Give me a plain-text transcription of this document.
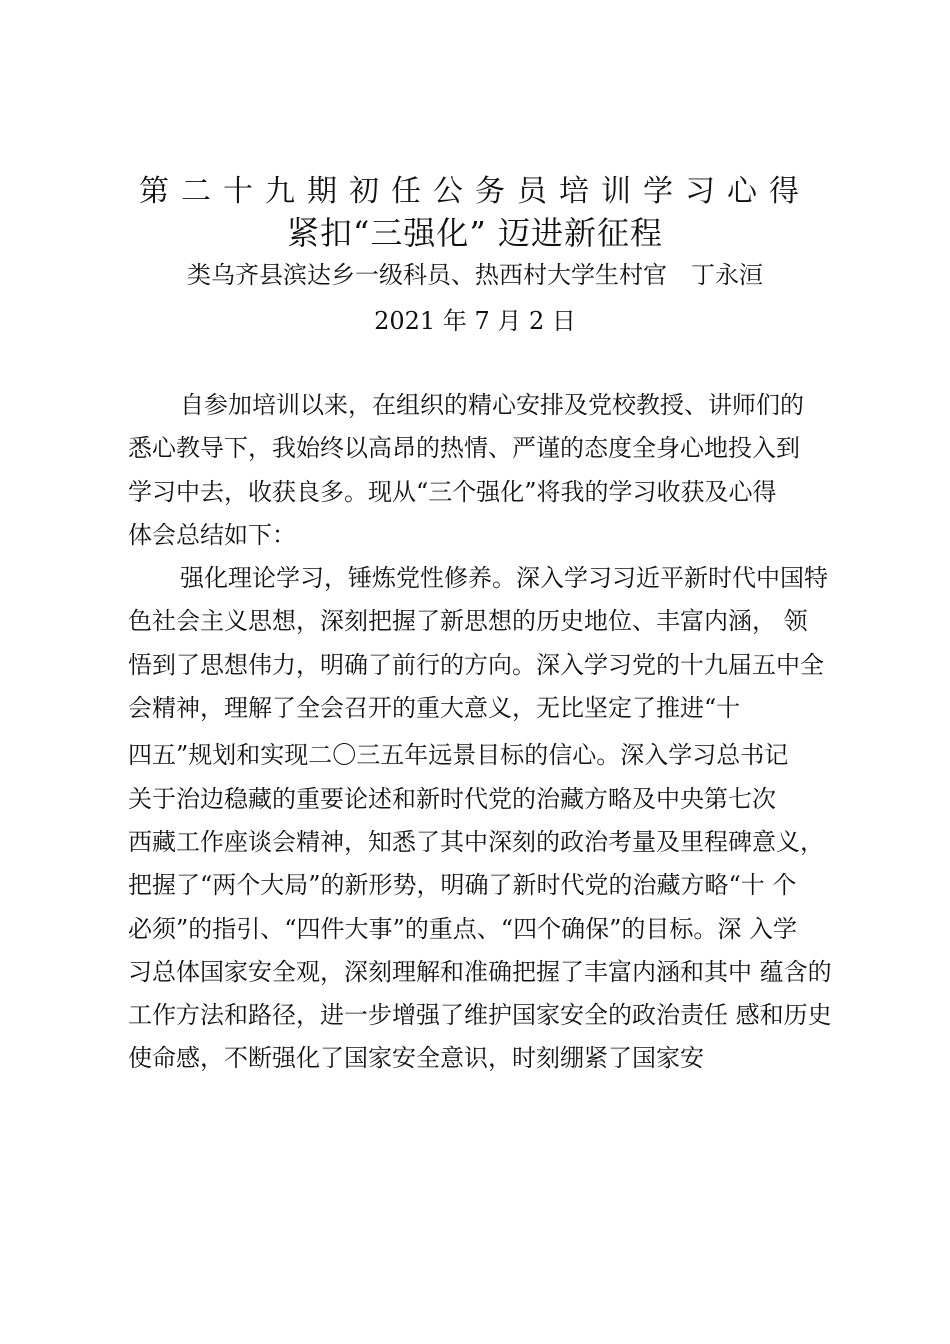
第二十九期初任公务员培训学习心得
紧扣“三强化” 迈进新征程
类乌齐县滨达乡一级科员、热西村大学生村官　丁永洹
2021 年 7 月 2 日
自参加培训以来，在组织的精心安排及党校教授、讲师们的
悉心教导下，我始终以高昂的热情、严谨的态度全身心地投入到
学习中去，收获良多。现从“三个强化”将我的学习收获及心得
体会总结如下：
强化理论学习，锤炼党性修养。深入学习习近平新时代中国特
色社会主义思想，深刻把握了新思想的历史地位、丰富内涵， 领
悟到了思想伟力，明确了前行的方向。深入学习党的十九届五中全
会精神，理解了全会召开的重大意义，无比坚定了推进“十
四五”规划和实现二〇三五年远景目标的信心。深入学习总书记
关于治边稳藏的重要论述和新时代党的治藏方略及中央第七次
西藏工作座谈会精神，知悉了其中深刻的政治考量及里程碑意义，
把握了“两个大局”的新形势，明确了新时代党的治藏方略“十 个
必须”的指引、“四件大事”的重点、“四个确保”的目标。深 入学
习总体国家安全观，深刻理解和准确把握了丰富内涵和其中 蕴含的
工作方法和路径，进一步增强了维护国家安全的政治责任 感和历史
使命感，不断强化了国家安全意识，时刻绷紧了国家安
